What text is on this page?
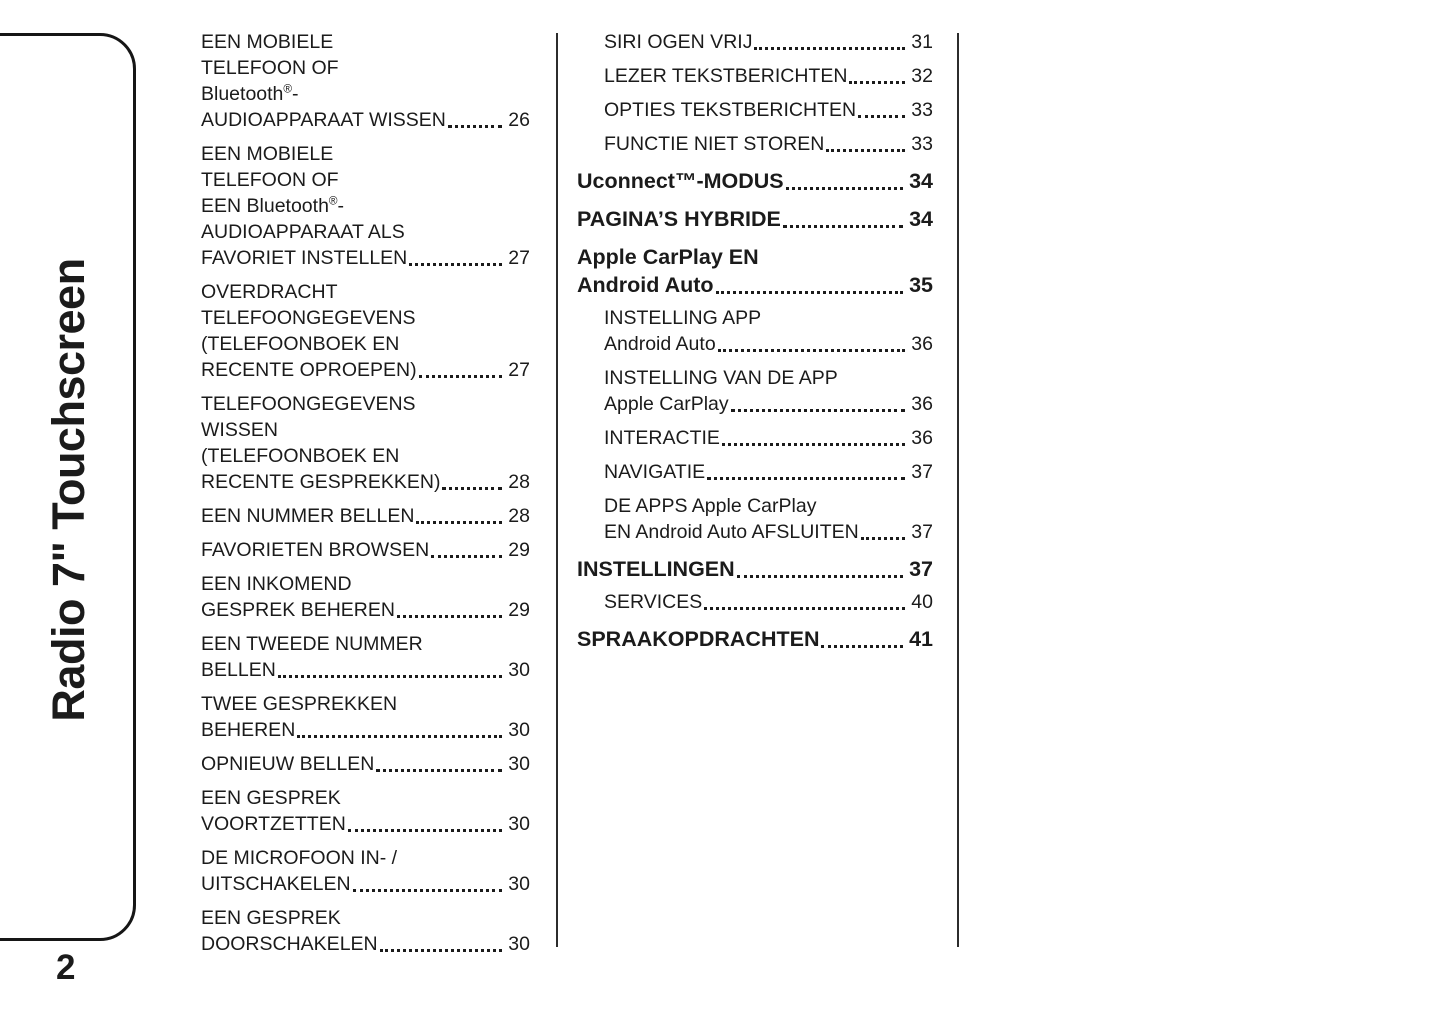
Radio 7" Touchscreen
2
EEN MOBIELE
TELEFOON OF
Bluetooth®-
AUDIOAPPARAAT WISSEN	26
EEN MOBIELE
TELEFOON OF
EEN Bluetooth®-
AUDIOAPPARAAT ALS
FAVORIET INSTELLEN	27
OVERDRACHT
TELEFOONGEGEVENS
(TELEFOONBOEK EN
RECENTE OPROEPEN)	27
TELEFOONGEGEVENS
WISSEN
(TELEFOONBOEK EN
RECENTE GESPREKKEN)	28
EEN NUMMER BELLEN	28
FAVORIETEN BROWSEN	29
EEN INKOMEND
GESPREK BEHEREN	29
EEN TWEEDE NUMMER
BELLEN	30
TWEE GESPREKKEN
BEHEREN	30
OPNIEUW BELLEN	30
EEN GESPREK
VOORTZETTEN	30
DE MICROFOON IN- /
UITSCHAKELEN	30
EEN GESPREK
DOORSCHAKELEN	30
SIRI OGEN VRIJ	31
LEZER TEKSTBERICHTEN	32
OPTIES TEKSTBERICHTEN	33
FUNCTIE NIET STOREN	33
Uconnect™-MODUS	34
PAGINA’S HYBRIDE	34
Apple CarPlay EN
Android Auto	35
INSTELLING APP
Android Auto	36
INSTELLING VAN DE APP
Apple CarPlay	36
INTERACTIE	36
NAVIGATIE	37
DE APPS Apple CarPlay
EN Android Auto AFSLUITEN	37
INSTELLINGEN	37
SERVICES	40
SPRAAKOPDRACHTEN	41
